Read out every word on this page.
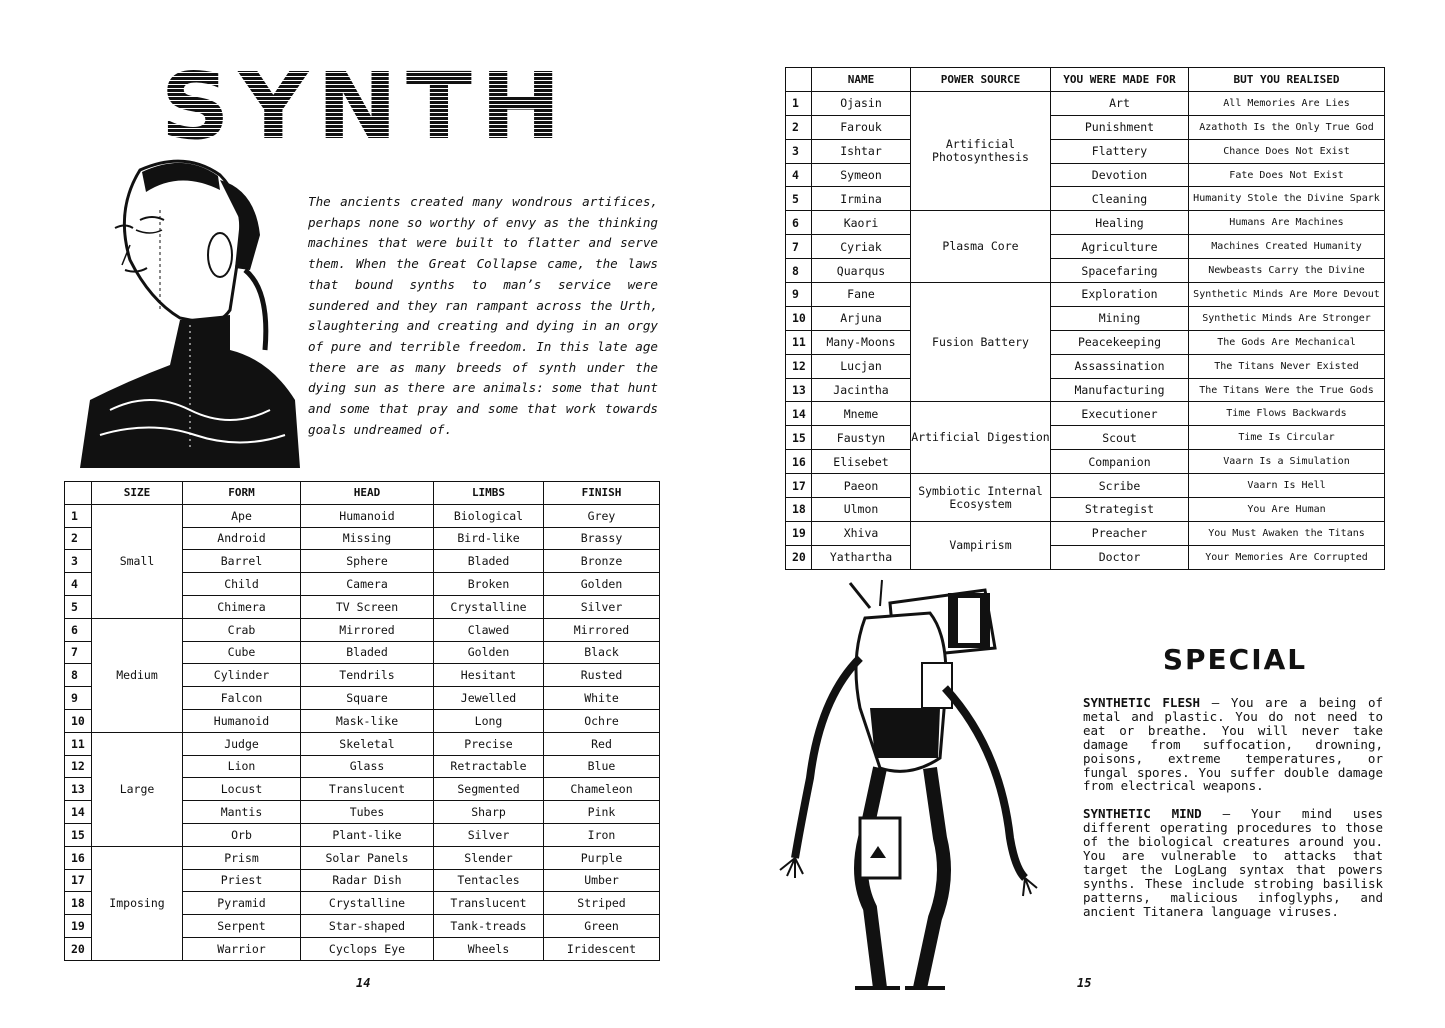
SYNTH

The ancients created many wondrous artifices, perhaps none so worthy of envy as the thinking machines that were built to flatter and serve them. When the Great Collapse came, the laws that bound synths to man’s service were sundered and they ran rampant across the Urth, slaughtering and creating and dying in an orgy of pure and terrible freedom. In this late age there are as many breeds of synth under the dying sun as there are animals: some that hunt and some that pray and some that work towards goals undreamed of.

	SIZE	FORM	HEAD	LIMBS	FINISH
1	Small	Ape	Humanoid	Biological	Grey
2		Android	Missing	Bird-like	Brassy
3		Barrel	Sphere	Bladed	Bronze
4		Child	Camera	Broken	Golden
5		Chimera	TV Screen	Crystalline	Silver
6	Medium	Crab	Mirrored	Clawed	Mirrored
7		Cube	Bladed	Golden	Black
8		Cylinder	Tendrils	Hesitant	Rusted
9		Falcon	Square	Jewelled	White
10		Humanoid	Mask-like	Long	Ochre
11	Large	Judge	Skeletal	Precise	Red
12		Lion	Glass	Retractable	Blue
13		Locust	Translucent	Segmented	Chameleon
14		Mantis	Tubes	Sharp	Pink
15		Orb	Plant-like	Silver	Iron
16	Imposing	Prism	Solar Panels	Slender	Purple
17		Priest	Radar Dish	Tentacles	Umber
18		Pyramid	Crystalline	Translucent	Striped
19		Serpent	Star-shaped	Tank-treads	Green
20		Warrior	Cyclops Eye	Wheels	Iridescent
	NAME	POWER SOURCE	YOU WERE MADE FOR	BUT YOU REALISED
1	Ojasin	Artificial Photosynthesis	Art	All Memories Are Lies
2	Farouk		Punishment	Azathoth Is the Only True God
3	Ishtar		Flattery	Chance Does Not Exist
4	Symeon		Devotion	Fate Does Not Exist
5	Irmina		Cleaning	Humanity Stole the Divine Spark
6	Kaori	Plasma Core	Healing	Humans Are Machines
7	Cyriak		Agriculture	Machines Created Humanity
8	Quarqus		Spacefaring	Newbeasts Carry the Divine
9	Fane	Fusion Battery	Exploration	Synthetic Minds Are More Devout
10	Arjuna		Mining	Synthetic Minds Are Stronger
11	Many-Moons		Peacekeeping	The Gods Are Mechanical
12	Lucjan		Assassination	The Titans Never Existed
13	Jacintha		Manufacturing	The Titans Were the True Gods
14	Mneme	Artificial Digestion	Executioner	Time Flows Backwards
15	Faustyn		Scout	Time Is Circular
16	Elisebet		Companion	Vaarn Is a Simulation
17	Paeon	Symbiotic Internal Ecosystem	Scribe	Vaarn Is Hell
18	Ulmon		Strategist	You Are Human
19	Xhiva	Vampirism	Preacher	You Must Awaken the Titans
20	Yathartha		Doctor	Your Memories Are Corrupted
SPECIAL

SYNTHETIC FLESH – You are a being of metal and plastic. You do not need to eat or breathe. You will never take damage from suffocation, drowning, poisons, extreme temperatures, or fungal spores. You suffer double damage from electrical weapons.

SYNTHETIC MIND – Your mind uses different operating procedures to those of the biological creatures around you. You are vulnerable to attacks that target the LogLang syntax that powers synths. These include strobing basilisk patterns, malicious infoglyphs, and ancient Titanera language viruses.

14	15
